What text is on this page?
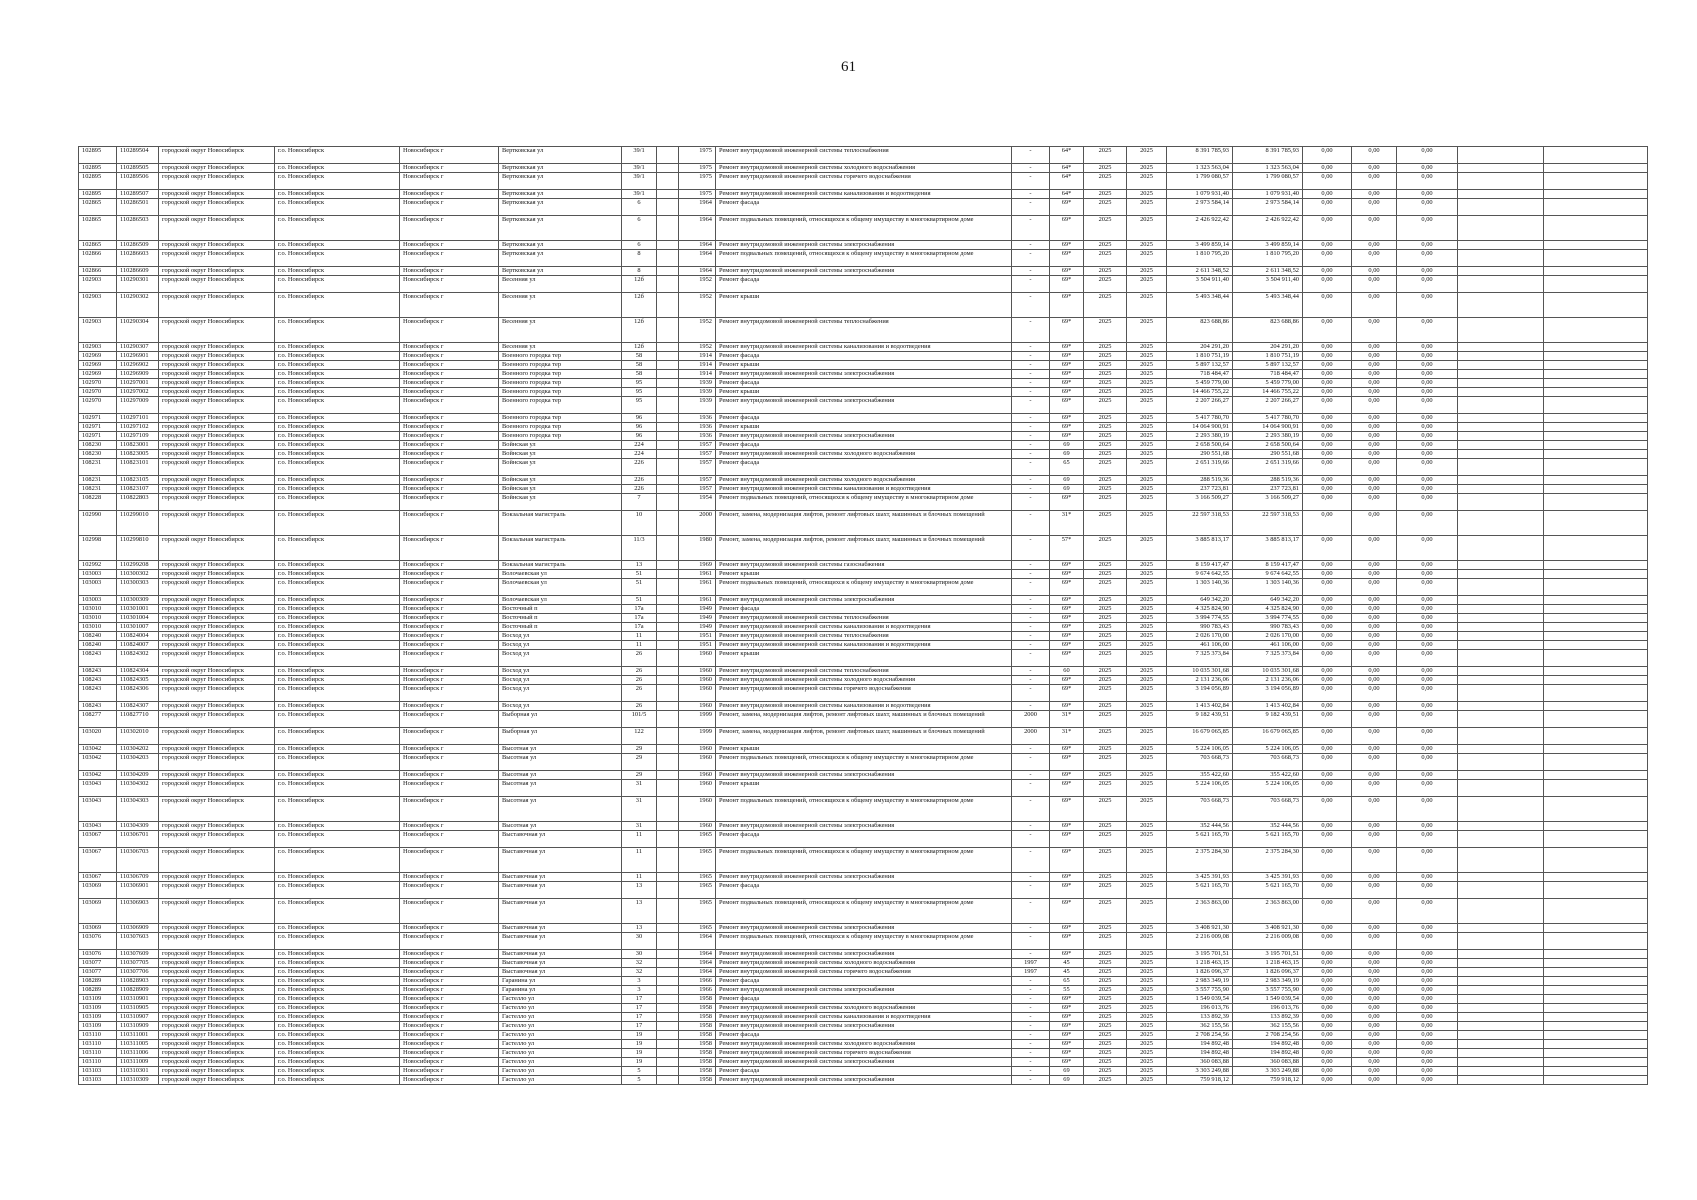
61
102895	110289504	городской округ Новосибирск	г.о. Новосибирск	Новосибирск г	Вертковская ул	39/1		1975	Ремонт внутридомовой инженерной системы теплоснабжения	-	64*	2025	2025	8 391 785,93	8 391 785,93	0,00	0,00	0,00		
102895	110289505	городской округ Новосибирск	г.о. Новосибирск	Новосибирск г	Вертковская ул	39/1		1975	Ремонт внутридомовой инженерной системы холодного водоснабжения	-	64*	2025	2025	1 323 563,04	1 323 563,04	0,00	0,00	0,00		
102895	110289506	городской округ Новосибирск	г.о. Новосибирск	Новосибирск г	Вертковская ул	39/1		1975	Ремонт внутридомовой инженерной системы горячего водоснабжения	-	64*	2025	2025	1 799 080,57	1 799 080,57	0,00	0,00	0,00		
102895	110289507	городской округ Новосибирск	г.о. Новосибирск	Новосибирск г	Вертковская ул	39/1		1975	Ремонт внутридомовой инженерной системы канализования и водоотведения	-	64*	2025	2025	1 079 931,40	1 079 931,40	0,00	0,00	0,00		
102865	110286501	городской округ Новосибирск	г.о. Новосибирск	Новосибирск г	Вертковская ул	6		1964	Ремонт фасада	-	69*	2025	2025	2 973 584,14	2 973 584,14	0,00	0,00	0,00		
102865	110286503	городской округ Новосибирск	г.о. Новосибирск	Новосибирск г	Вертковская ул	6		1964	Ремонт подвальных помещений, относящихся к общему имуществу в многоквартирном доме	-	69*	2025	2025	2 426 922,42	2 426 922,42	0,00	0,00	0,00		
102865	110286509	городской округ Новосибирск	г.о. Новосибирск	Новосибирск г	Вертковская ул	6		1964	Ремонт внутридомовой инженерной системы электроснабжения	-	69*	2025	2025	3 499 859,14	3 499 859,14	0,00	0,00	0,00		
102866	110286603	городской округ Новосибирск	г.о. Новосибирск	Новосибирск г	Вертковская ул	8		1964	Ремонт подвальных помещений, относящихся к общему имуществу в многоквартирном доме	-	69*	2025	2025	1 810 795,20	1 810 795,20	0,00	0,00	0,00		
102866	110286609	городской округ Новосибирск	г.о. Новосибирск	Новосибирск г	Вертковская ул	8		1964	Ремонт внутридомовой инженерной системы электроснабжения	-	69*	2025	2025	2 611 348,52	2 611 348,52	0,00	0,00	0,00		
102903	110290301	городской округ Новосибирск	г.о. Новосибирск	Новосибирск г	Весенняя ул	12б		1952	Ремонт фасада	-	69*	2025	2025	3 504 911,40	3 504 911,40	0,00	0,00	0,00		
102903	110290302	городской округ Новосибирск	г.о. Новосибирск	Новосибирск г	Весенняя ул	12б		1952	Ремонт крыши	-	69*	2025	2025	5 493 348,44	5 493 348,44	0,00	0,00	0,00		
102903	110290304	городской округ Новосибирск	г.о. Новосибирск	Новосибирск г	Весенняя ул	12б		1952	Ремонт внутридомовой инженерной системы теплоснабжения	-	69*	2025	2025	823 688,86	823 688,86	0,00	0,00	0,00		
102903	110290307	городской округ Новосибирск	г.о. Новосибирск	Новосибирск г	Весенняя ул	12б		1952	Ремонт внутридомовой инженерной системы канализования и водоотведения	-	69*	2025	2025	204 291,20	204 291,20	0,00	0,00	0,00		
102969	110296901	городской округ Новосибирск	г.о. Новосибирск	Новосибирск г	Военного городка тер	58		1914	Ремонт фасада	-	69*	2025	2025	1 810 751,19	1 810 751,19	0,00	0,00	0,00		
102969	110296902	городской округ Новосибирск	г.о. Новосибирск	Новосибирск г	Военного городка тер	58		1914	Ремонт крыши	-	69*	2025	2025	5 897 132,57	5 897 132,57	0,00	0,00	0,00		
102969	110296909	городской округ Новосибирск	г.о. Новосибирск	Новосибирск г	Военного городка тер	58		1914	Ремонт внутридомовой инженерной системы электроснабжения	-	69*	2025	2025	718 484,47	718 484,47	0,00	0,00	0,00		
102970	110297001	городской округ Новосибирск	г.о. Новосибирск	Новосибирск г	Военного городка тер	95		1939	Ремонт фасада	-	69*	2025	2025	5 459 779,00	5 459 779,00	0,00	0,00	0,00		
102970	110297002	городской округ Новосибирск	г.о. Новосибирск	Новосибирск г	Военного городка тер	95		1939	Ремонт крыши	-	69*	2025	2025	14 466 755,22	14 466 755,22	0,00	0,00	0,00		
102970	110297009	городской округ Новосибирск	г.о. Новосибирск	Новосибирск г	Военного городка тер	95		1939	Ремонт внутридомовой инженерной системы электроснабжения	-	69*	2025	2025	2 207 266,27	2 207 266,27	0,00	0,00	0,00		
102971	110297101	городской округ Новосибирск	г.о. Новосибирск	Новосибирск г	Военного городка тер	96		1936	Ремонт фасада	-	69*	2025	2025	5 417 780,70	5 417 780,70	0,00	0,00	0,00		
102971	110297102	городской округ Новосибирск	г.о. Новосибирск	Новосибирск г	Военного городка тер	96		1936	Ремонт крыши	-	69*	2025	2025	14 064 900,91	14 064 900,91	0,00	0,00	0,00		
102971	110297109	городской округ Новосибирск	г.о. Новосибирск	Новосибирск г	Военного городка тер	96		1936	Ремонт внутридомовой инженерной системы электроснабжения	-	69*	2025	2025	2 293 380,19	2 293 380,19	0,00	0,00	0,00		
108230	110823001	городской округ Новосибирск	г.о. Новосибирск	Новосибирск г	Войнская ул	224		1957	Ремонт фасада	-	69	2025	2025	2 658 500,64	2 658 500,64	0,00	0,00	0,00		
108230	110823005	городской округ Новосибирск	г.о. Новосибирск	Новосибирск г	Войнская ул	224		1957	Ремонт внутридомовой инженерной системы холодного водоснабжения	-	69	2025	2025	290 551,68	290 551,68	0,00	0,00	0,00		
108231	110823101	городской округ Новосибирск	г.о. Новосибирск	Новосибирск г	Войнская ул	226		1957	Ремонт фасада	-	65	2025	2025	2 651 319,66	2 651 319,66	0,00	0,00	0,00		
108231	110823105	городской округ Новосибирск	г.о. Новосибирск	Новосибирск г	Войнская ул	226		1957	Ремонт внутридомовой инженерной системы холодного водоснабжения	-	69	2025	2025	288 519,36	288 519,36	0,00	0,00	0,00		
108231	110823107	городской округ Новосибирск	г.о. Новосибирск	Новосибирск г	Войнская ул	226		1957	Ремонт внутридомовой инженерной системы канализования и водоотведения	-	69	2025	2025	237 723,81	237 723,81	0,00	0,00	0,00		
108228	110822803	городской округ Новосибирск	г.о. Новосибирск	Новосибирск г	Войнская ул	7		1954	Ремонт подвальных помещений, относящихся к общему имуществу в многоквартирном доме	-	69*	2025	2025	3 166 509,27	3 166 509,27	0,00	0,00	0,00		
102990	110299010	городской округ Новосибирск	г.о. Новосибирск	Новосибирск г	Вокзальная магистраль	10		2000	Ремонт, замена, модернизация лифтов, ремонт лифтовых шахт, машинных и блочных помещений	-	31*	2025	2025	22 597 318,53	22 597 318,53	0,00	0,00	0,00		
102998	110299810	городской округ Новосибирск	г.о. Новосибирск	Новосибирск г	Вокзальная магистраль	11/3		1980	Ремонт, замена, модернизация лифтов, ремонт лифтовых шахт, машинных и блочных помещений	-	57*	2025	2025	3 885 813,17	3 885 813,17	0,00	0,00	0,00		
102992	110299208	городской округ Новосибирск	г.о. Новосибирск	Новосибирск г	Вокзальная магистраль	13		1969	Ремонт внутридомовой инженерной системы газоснабжения	-	69*	2025	2025	8 159 417,47	8 159 417,47	0,00	0,00	0,00		
103003	110300302	городской округ Новосибирск	г.о. Новосибирск	Новосибирск г	Волочаевская ул	51		1961	Ремонт крыши	-	69*	2025	2025	9 674 642,55	9 674 642,55	0,00	0,00	0,00		
103003	110300303	городской округ Новосибирск	г.о. Новосибирск	Новосибирск г	Волочаевская ул	51		1961	Ремонт подвальных помещений, относящихся к общему имуществу в многоквартирном доме	-	69*	2025	2025	1 303 140,36	1 303 140,36	0,00	0,00	0,00		
103003	110300309	городской округ Новосибирск	г.о. Новосибирск	Новосибирск г	Волочаевская ул	51		1961	Ремонт внутридомовой инженерной системы электроснабжения	-	69*	2025	2025	649 342,20	649 342,20	0,00	0,00	0,00		
103010	110301001	городской округ Новосибирск	г.о. Новосибирск	Новосибирск г	Восточный п	17а		1949	Ремонт фасада	-	69*	2025	2025	4 325 824,90	4 325 824,90	0,00	0,00	0,00		
103010	110301004	городской округ Новосибирск	г.о. Новосибирск	Новосибирск г	Восточный п	17а		1949	Ремонт внутридомовой инженерной системы теплоснабжения	-	69*	2025	2025	3 994 774,55	3 994 774,55	0,00	0,00	0,00		
103010	110301007	городской округ Новосибирск	г.о. Новосибирск	Новосибирск г	Восточный п	17а		1949	Ремонт внутридомовой инженерной системы канализования и водоотведения	-	69*	2025	2025	990 783,43	990 783,43	0,00	0,00	0,00		
108240	110824004	городской округ Новосибирск	г.о. Новосибирск	Новосибирск г	Восход ул	11		1951	Ремонт внутридомовой инженерной системы теплоснабжения	-	69*	2025	2025	2 026 170,00	2 026 170,00	0,00	0,00	0,00		
108240	110824007	городской округ Новосибирск	г.о. Новосибирск	Новосибирск г	Восход ул	11		1951	Ремонт внутридомовой инженерной системы канализования и водоотведения	-	69*	2025	2025	461 106,00	461 106,00	0,00	0,00	0,00		
108243	110824302	городской округ Новосибирск	г.о. Новосибирск	Новосибирск г	Восход ул	26		1960	Ремонт крыши	-	69*	2025	2025	7 325 373,84	7 325 373,84	0,00	0,00	0,00		
108243	110824304	городской округ Новосибирск	г.о. Новосибирск	Новосибирск г	Восход ул	26		1960	Ремонт внутридомовой инженерной системы теплоснабжения	-	60	2025	2025	10 035 301,68	10 035 301,68	0,00	0,00	0,00		
108243	110824305	городской округ Новосибирск	г.о. Новосибирск	Новосибирск г	Восход ул	26		1960	Ремонт внутридомовой инженерной системы холодного водоснабжения	-	69*	2025	2025	2 131 236,06	2 131 236,06	0,00	0,00	0,00		
108243	110824306	городской округ Новосибирск	г.о. Новосибирск	Новосибирск г	Восход ул	26		1960	Ремонт внутридомовой инженерной системы горячего водоснабжения	-	69*	2025	2025	3 194 056,89	3 194 056,89	0,00	0,00	0,00		
108243	110824307	городской округ Новосибирск	г.о. Новосибирск	Новосибирск г	Восход ул	26		1960	Ремонт внутридомовой инженерной системы канализования и водоотведения	-	69*	2025	2025	1 413 402,84	1 413 402,84	0,00	0,00	0,00		
108277	110827710	городской округ Новосибирск	г.о. Новосибирск	Новосибирск г	Выборная ул	101/5		1999	Ремонт, замена, модернизация лифтов, ремонт лифтовых шахт, машинных и блочных помещений	2000	31*	2025	2025	9 182 439,51	9 182 439,51	0,00	0,00	0,00		
103020	110302010	городской округ Новосибирск	г.о. Новосибирск	Новосибирск г	Выборная ул	122		1999	Ремонт, замена, модернизация лифтов, ремонт лифтовых шахт, машинных и блочных помещений	2000	31*	2025	2025	16 679 065,85	16 679 065,85	0,00	0,00	0,00		
103042	110304202	городской округ Новосибирск	г.о. Новосибирск	Новосибирск г	Высотная ул	29		1960	Ремонт крыши	-	69*	2025	2025	5 224 106,05	5 224 106,05	0,00	0,00	0,00		
103042	110304203	городской округ Новосибирск	г.о. Новосибирск	Новосибирск г	Высотная ул	29		1960	Ремонт подвальных помещений, относящихся к общему имуществу в многоквартирном доме	-	69*	2025	2025	703 668,73	703 668,73	0,00	0,00	0,00		
103042	110304209	городской округ Новосибирск	г.о. Новосибирск	Новосибирск г	Высотная ул	29		1960	Ремонт внутридомовой инженерной системы электроснабжения	-	69*	2025	2025	355 422,60	355 422,60	0,00	0,00	0,00		
103043	110304302	городской округ Новосибирск	г.о. Новосибирск	Новосибирск г	Высотная ул	31		1960	Ремонт крыши	-	69*	2025	2025	5 224 106,05	5 224 106,05	0,00	0,00	0,00		
103043	110304303	городской округ Новосибирск	г.о. Новосибирск	Новосибирск г	Высотная ул	31		1960	Ремонт подвальных помещений, относящихся к общему имуществу в многоквартирном доме	-	69*	2025	2025	703 668,73	703 668,73	0,00	0,00	0,00		
103043	110304309	городской округ Новосибирск	г.о. Новосибирск	Новосибирск г	Высотная ул	31		1960	Ремонт внутридомовой инженерной системы электроснабжения	-	69*	2025	2025	352 444,56	352 444,56	0,00	0,00	0,00		
103067	110306701	городской округ Новосибирск	г.о. Новосибирск	Новосибирск г	Выставочная ул	11		1965	Ремонт фасада	-	69*	2025	2025	5 621 165,70	5 621 165,70	0,00	0,00	0,00		
103067	110306703	городской округ Новосибирск	г.о. Новосибирск	Новосибирск г	Выставочная ул	11		1965	Ремонт подвальных помещений, относящихся к общему имуществу в многоквартирном доме	-	69*	2025	2025	2 375 284,30	2 375 284,30	0,00	0,00	0,00		
103067	110306709	городской округ Новосибирск	г.о. Новосибирск	Новосибирск г	Выставочная ул	11		1965	Ремонт внутридомовой инженерной системы электроснабжения	-	69*	2025	2025	3 425 391,93	3 425 391,93	0,00	0,00	0,00		
103069	110306901	городской округ Новосибирск	г.о. Новосибирск	Новосибирск г	Выставочная ул	13		1965	Ремонт фасада	-	69*	2025	2025	5 621 165,70	5 621 165,70	0,00	0,00	0,00		
103069	110306903	городской округ Новосибирск	г.о. Новосибирск	Новосибирск г	Выставочная ул	13		1965	Ремонт подвальных помещений, относящихся к общему имуществу в многоквартирном доме	-	69*	2025	2025	2 363 863,00	2 363 863,00	0,00	0,00	0,00		
103069	110306909	городской округ Новосибирск	г.о. Новосибирск	Новосибирск г	Выставочная ул	13		1965	Ремонт внутридомовой инженерной системы электроснабжения	-	69*	2025	2025	3 408 921,30	3 408 921,30	0,00	0,00	0,00		
103076	110307603	городской округ Новосибирск	г.о. Новосибирск	Новосибирск г	Выставочная ул	30		1964	Ремонт подвальных помещений, относящихся к общему имуществу в многоквартирном доме	-	69*	2025	2025	2 216 009,08	2 216 009,08	0,00	0,00	0,00		
103076	110307609	городской округ Новосибирск	г.о. Новосибирск	Новосибирск г	Выставочная ул	30		1964	Ремонт внутридомовой инженерной системы электроснабжения	-	69*	2025	2025	3 195 701,51	3 195 701,51	0,00	0,00	0,00		
103077	110307705	городской округ Новосибирск	г.о. Новосибирск	Новосибирск г	Выставочная ул	32		1964	Ремонт внутридомовой инженерной системы холодного водоснабжения	1997	45	2025	2025	1 218 463,15	1 218 463,15	0,00	0,00	0,00		
103077	110307706	городской округ Новосибирск	г.о. Новосибирск	Новосибирск г	Выставочная ул	32		1964	Ремонт внутридомовой инженерной системы горячего водоснабжения	1997	45	2025	2025	1 826 096,37	1 826 096,37	0,00	0,00	0,00		
108289	110828903	городской округ Новосибирск	г.о. Новосибирск	Новосибирск г	Гаранина ул	3		1966	Ремонт фасада	-	65	2025	2025	2 983 349,19	2 983 349,19	0,00	0,00	0,00		
108289	110828909	городской округ Новосибирск	г.о. Новосибирск	Новосибирск г	Гаранина ул	3		1966	Ремонт внутридомовой инженерной системы электроснабжения	-	55	2025	2025	3 557 755,90	3 557 755,90	0,00	0,00	0,00		
103109	110310901	городской округ Новосибирск	г.о. Новосибирск	Новосибирск г	Гастелло ул	17		1958	Ремонт фасада	-	69*	2025	2025	1 549 039,54	1 549 039,54	0,00	0,00	0,00		
103109	110310905	городской округ Новосибирск	г.о. Новосибирск	Новосибирск г	Гастелло ул	17		1958	Ремонт внутридомовой инженерной системы холодного водоснабжения	-	69*	2025	2025	196 013,76	196 013,76	0,00	0,00	0,00		
103109	110310907	городской округ Новосибирск	г.о. Новосибирск	Новосибирск г	Гастелло ул	17		1958	Ремонт внутридомовой инженерной системы канализования и водоотведения	-	69*	2025	2025	133 892,39	133 892,39	0,00	0,00	0,00		
103109	110310909	городской округ Новосибирск	г.о. Новосибирск	Новосибирск г	Гастелло ул	17		1958	Ремонт внутридомовой инженерной системы электроснабжения	-	69*	2025	2025	362 155,56	362 155,56	0,00	0,00	0,00		
103110	110311001	городской округ Новосибирск	г.о. Новосибирск	Новосибирск г	Гастелло ул	19		1958	Ремонт фасада	-	69*	2025	2025	2 708 254,56	2 708 254,56	0,00	0,00	0,00		
103110	110311005	городской округ Новосибирск	г.о. Новосибирск	Новосибирск г	Гастелло ул	19		1958	Ремонт внутридомовой инженерной системы холодного водоснабжения	-	69*	2025	2025	194 892,48	194 892,48	0,00	0,00	0,00		
103110	110311006	городской округ Новосибирск	г.о. Новосибирск	Новосибирск г	Гастелло ул	19		1958	Ремонт внутридомовой инженерной системы горячего водоснабжения	-	69*	2025	2025	194 892,48	194 892,48	0,00	0,00	0,00		
103110	110311009	городской округ Новосибирск	г.о. Новосибирск	Новосибирск г	Гастелло ул	19		1958	Ремонт внутридомовой инженерной системы электроснабжения	-	69*	2025	2025	360 083,88	360 083,88	0,00	0,00	0,00		
103103	110310301	городской округ Новосибирск	г.о. Новосибирск	Новосибирск г	Гастелло ул	5		1958	Ремонт фасада	-	69	2025	2025	3 303 249,88	3 303 249,88	0,00	0,00	0,00		
103103	110310309	городской округ Новосибирск	г.о. Новосибирск	Новосибирск г	Гастелло ул	5		1958	Ремонт внутридомовой инженерной системы электроснабжения	-	69	2025	2025	759 918,12	759 918,12	0,00	0,00	0,00		
